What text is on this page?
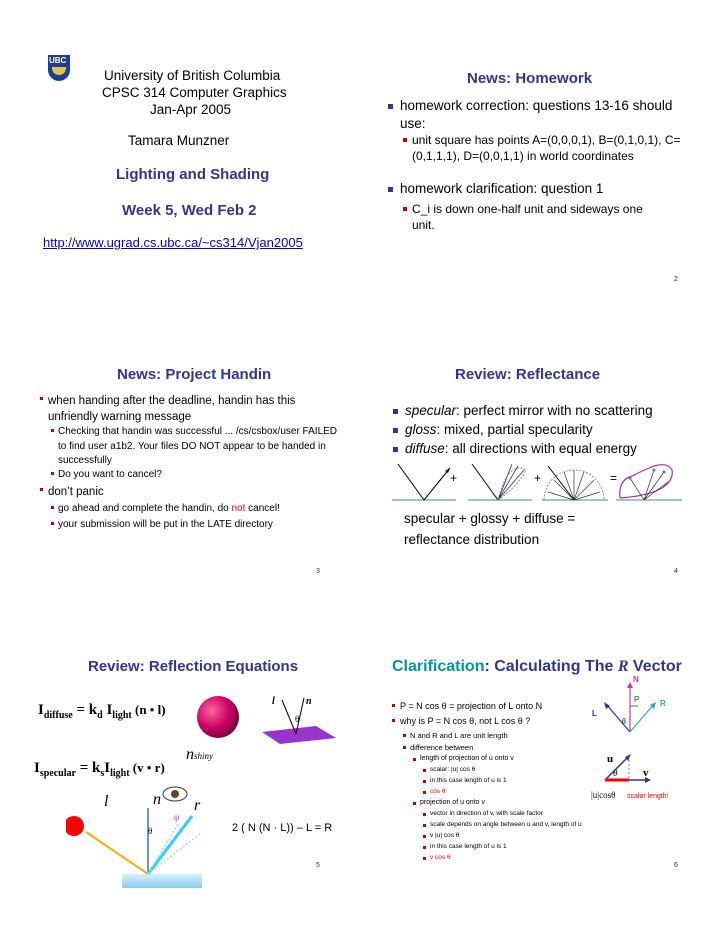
UBC
University of British Columbia
CPSC 314 Computer Graphics
Jan-Apr 2005
Tamara Munzner
Lighting and Shading
Week 5, Wed Feb 2
http://www.ugrad.cs.ubc.ca/~cs314/Vjan2005
News: Homework
homework correction: questions 13-16 should use:
unit square has points A=(0,0,0,1), B=(0,1,0,1), C=(0,1,1,1), D=(0,0,1,1) in world coordinates
homework clarification: question 1
C_i is down one-half unit and sideways one unit.
2
News: Project Handin
when handing after the deadline, handin has this unfriendly warning message
Checking that handin was successful ... /cs/csbox/user FAILED to find user a1b2. Your files DO NOT appear to be handed in successfully
Do you want to cancel?
don’t panic
go ahead and complete the handin, do not cancel!
your submission will be put in the LATE directory
3
Review: Reflectance
specular: perfect mirror with no scattering
gloss: mixed, partial specularity
diffuse: all directions with equal energy
+	+	=
specular + glossy + diffuse = reflectance distribution
4
Review: Reflection Equations
$I_{diffuse} = k_d$ $I_{light}$ (n • l)
l	n
θ
$I_{specular} = k_sI_{light}$ (v • r)
nshiny
l	n r
θ
φ
2 ( N (N · L)) – L = R
5
Clarification: Calculating The R Vector
P = N cos θ = projection of L onto N
why is P = N cos θ, not L cos θ ?
N and R and L are unit length
difference between
length of projection of u onto v
scalar: |u| cos θ
in this case length of u is 1
cos θ
projection of u onto v
vector in direction of v, with scale factor
scale depends on angle between u and v, length of u
v |u| cos θ
in this case length of u is 1
v cos θ
N
L
P	R
θ
u
v
θ
|u|cosθ scalar length!
6
